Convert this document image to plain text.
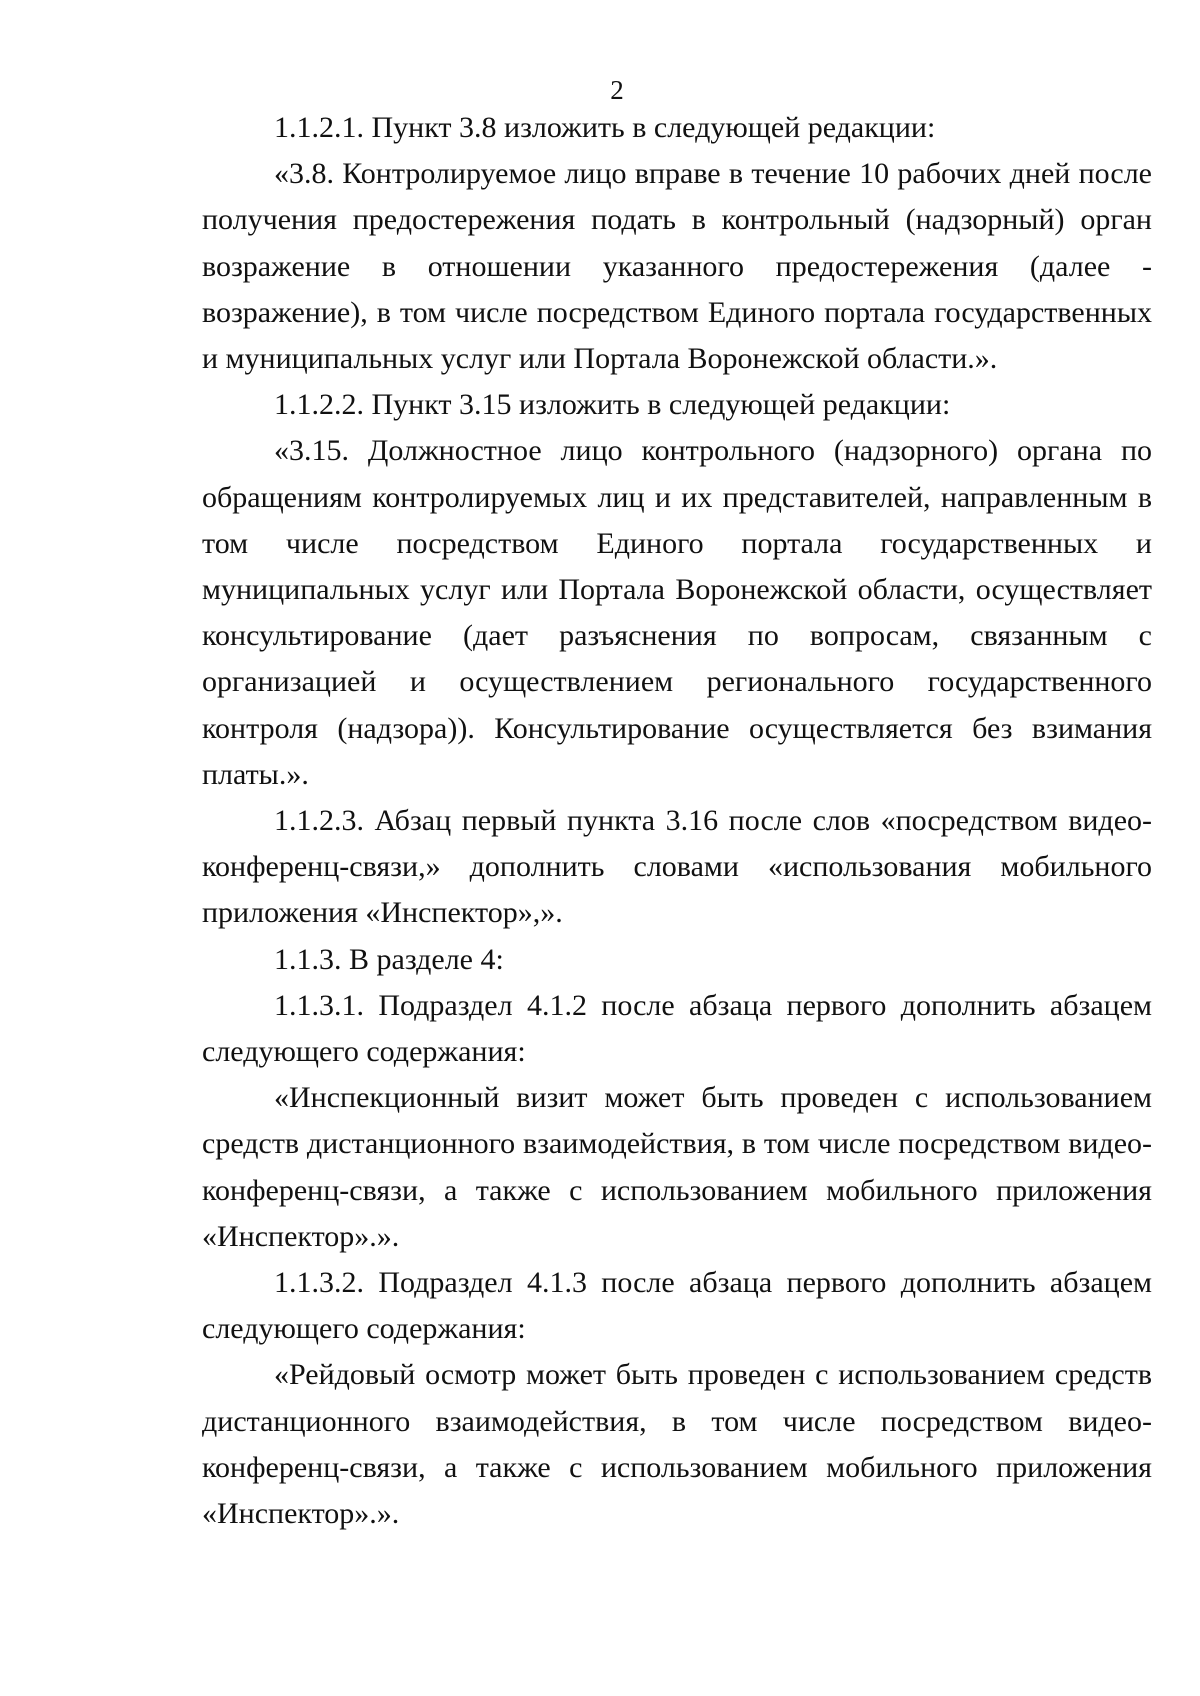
2

1.1.2.1. Пункт 3.8 изложить в следующей редакции:

«3.8. Контролируемое лицо вправе в течение 10 рабочих дней после получения предостережения подать в контрольный (надзорный) орган возражение в отношении указанного предостережения (далее - возражение), в том числе посредством Единого портала государственных и муниципальных услуг или Портала Воронежской области.».

1.1.2.2. Пункт 3.15 изложить в следующей редакции:

«3.15. Должностное лицо контрольного (надзорного) органа по обращениям контролируемых лиц и их представителей, направленным в том числе посредством Единого портала государственных и муниципальных услуг или Портала Воронежской области, осуществляет консультирование (дает разъяснения по вопросам, связанным с организацией и осуществлением регионального государственного контроля (надзора)). Консультирование осуществляется без взимания платы.».

1.1.2.3. Абзац первый пункта 3.16 после слов «посредством видео-конференц-связи,» дополнить словами «использования мобильного приложения «Инспектор»,».

1.1.3. В разделе 4:

1.1.3.1. Подраздел 4.1.2 после абзаца первого дополнить абзацем следующего содержания:

«Инспекционный визит может быть проведен с использованием средств дистанционного взаимодействия, в том числе посредством видео-конференц-связи, а также с использованием мобильного приложения «Инспектор».».

1.1.3.2. Подраздел 4.1.3 после абзаца первого дополнить абзацем следующего содержания:

«Рейдовый осмотр может быть проведен с использованием средств дистанционного взаимодействия, в том числе посредством видео-конференц-связи, а также с использованием мобильного приложения «Инспектор».».
